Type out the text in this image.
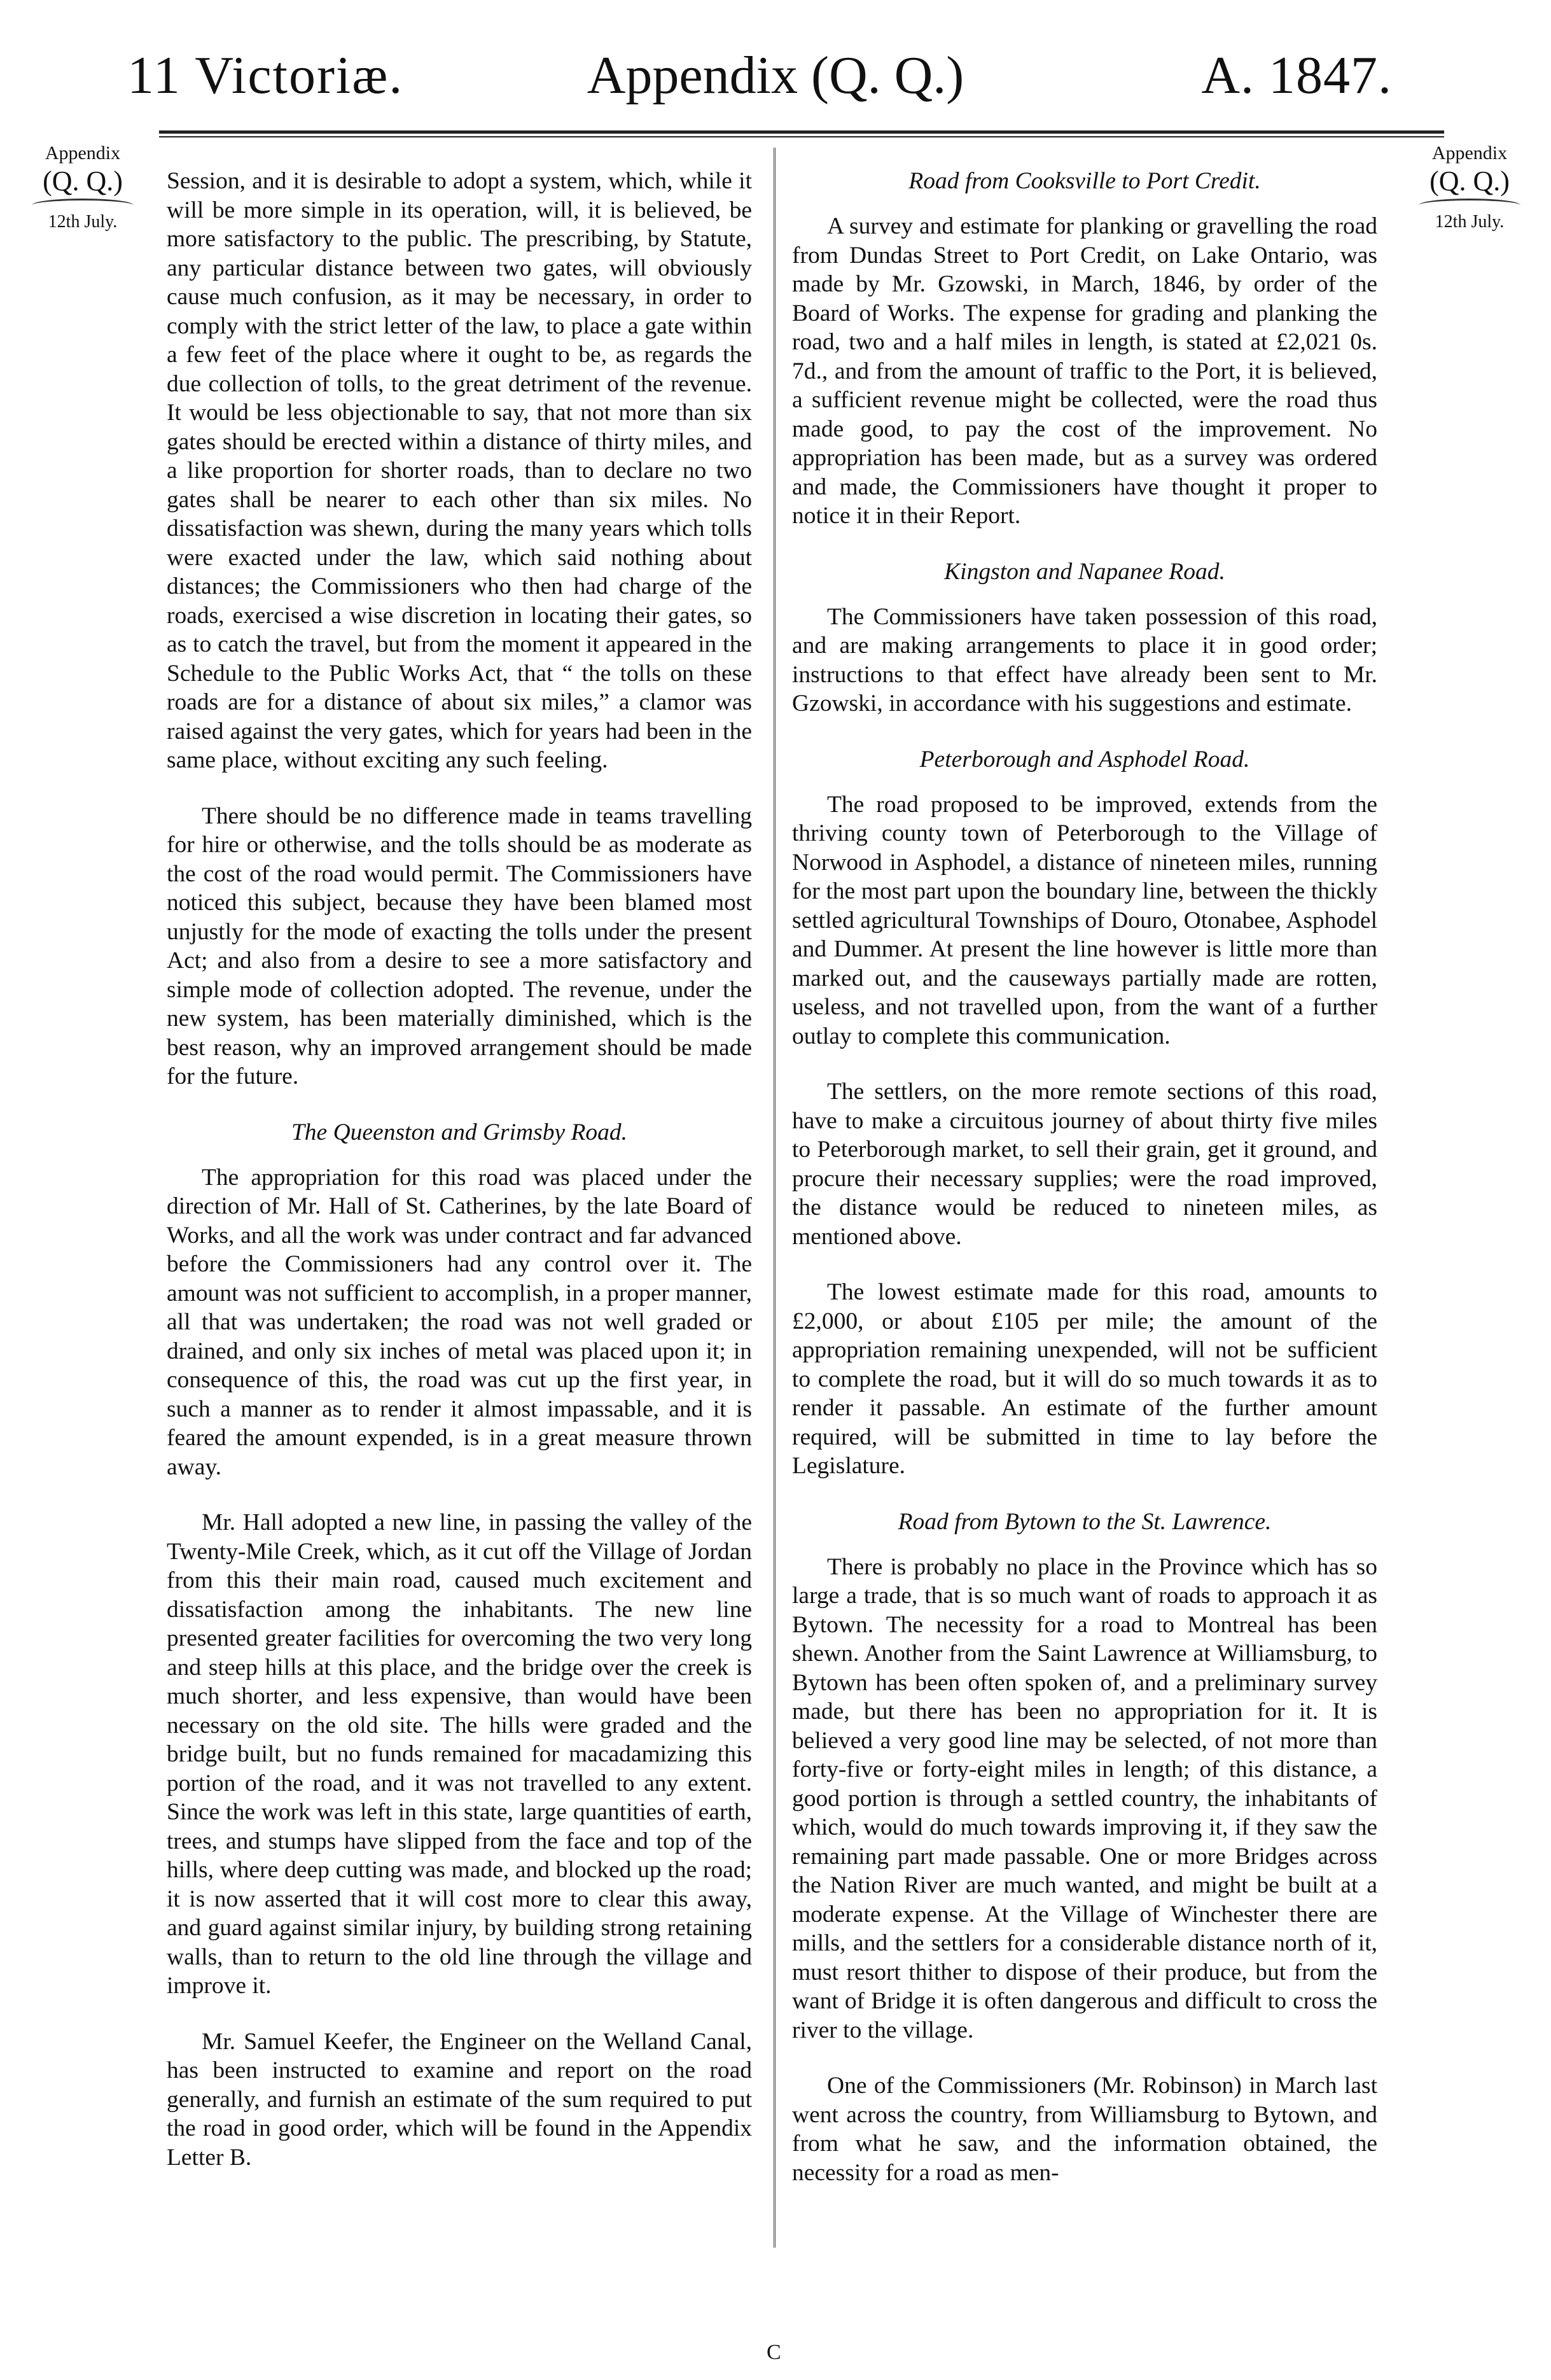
11 Victoriæ.	Appendix (Q. Q.)	A. 1847.
Appendix
(Q. Q.)
12th July.
Appendix
(Q. Q.)
12th July.

Session, and it is desirable to adopt a system, which, while it will be more simple in its operation, will, it is believed, be more satisfactory to the public. The prescribing, by Statute, any particular distance between two gates, will obviously cause much confusion, as it may be necessary, in order to comply with the strict letter of the law, to place a gate within a few feet of the place where it ought to be, as regards the due collection of tolls, to the great detriment of the revenue. It would be less objectionable to say, that not more than six gates should be erected within a distance of thirty miles, and a like proportion for shorter roads, than to declare no two gates shall be nearer to each other than six miles. No dissatisfaction was shewn, during the many years which tolls were exacted under the law, which said nothing about distances; the Commissioners who then had charge of the roads, exercised a wise discretion in locating their gates, so as to catch the travel, but from the moment it appeared in the Schedule to the Public Works Act, that “ the tolls on these roads are for a distance of about six miles,” a clamor was raised against the very gates, which for years had been in the same place, without exciting any such feeling.

There should be no difference made in teams travelling for hire or otherwise, and the tolls should be as moderate as the cost of the road would permit. The Commissioners have noticed this subject, because they have been blamed most unjustly for the mode of exacting the tolls under the present Act; and also from a desire to see a more satisfactory and simple mode of collection adopted. The revenue, under the new system, has been materially diminished, which is the best reason, why an improved arrangement should be made for the future.

The Queenston and Grimsby Road.

The appropriation for this road was placed under the direction of Mr. Hall of St. Catherines, by the late Board of Works, and all the work was under contract and far advanced before the Commissioners had any control over it. The amount was not sufficient to accomplish, in a proper manner, all that was undertaken; the road was not well graded or drained, and only six inches of metal was placed upon it; in consequence of this, the road was cut up the first year, in such a manner as to render it almost impassable, and it is feared the amount expended, is in a great measure thrown away.

Mr. Hall adopted a new line, in passing the valley of the Twenty-Mile Creek, which, as it cut off the Village of Jordan from this their main road, caused much excitement and dissatisfaction among the inhabitants. The new line presented greater facilities for overcoming the two very long and steep hills at this place, and the bridge over the creek is much shorter, and less expensive, than would have been necessary on the old site. The hills were graded and the bridge built, but no funds remained for macadamizing this portion of the road, and it was not travelled to any extent. Since the work was left in this state, large quantities of earth, trees, and stumps have slipped from the face and top of the hills, where deep cutting was made, and blocked up the road; it is now asserted that it will cost more to clear this away, and guard against similar injury, by building strong retaining walls, than to return to the old line through the village and improve it.

Mr. Samuel Keefer, the Engineer on the Welland Canal, has been instructed to examine and report on the road generally, and furnish an estimate of the sum required to put the road in good order, which will be found in the Appendix Letter B.

Road from Cooksville to Port Credit.

A survey and estimate for planking or gravelling the road from Dundas Street to Port Credit, on Lake Ontario, was made by Mr. Gzowski, in March, 1846, by order of the Board of Works. The expense for grading and planking the road, two and a half miles in length, is stated at £2,021 0s. 7d., and from the amount of traffic to the Port, it is believed, a sufficient revenue might be collected, were the road thus made good, to pay the cost of the improvement. No appropriation has been made, but as a survey was ordered and made, the Commissioners have thought it proper to notice it in their Report.

Kingston and Napanee Road.

The Commissioners have taken possession of this road, and are making arrangements to place it in good order; instructions to that effect have already been sent to Mr. Gzowski, in accordance with his suggestions and estimate.

Peterborough and Asphodel Road.

The road proposed to be improved, extends from the thriving county town of Peterborough to the Village of Norwood in Asphodel, a distance of nineteen miles, running for the most part upon the boundary line, between the thickly settled agricultural Townships of Douro, Otonabee, Asphodel and Dummer. At present the line however is little more than marked out, and the causeways partially made are rotten, useless, and not travelled upon, from the want of a further outlay to complete this communication.

The settlers, on the more remote sections of this road, have to make a circuitous journey of about thirty five miles to Peterborough market, to sell their grain, get it ground, and procure their necessary supplies; were the road improved, the distance would be reduced to nineteen miles, as mentioned above.

The lowest estimate made for this road, amounts to £2,000, or about £105 per mile; the amount of the appropriation remaining unexpended, will not be sufficient to complete the road, but it will do so much towards it as to render it passable. An estimate of the further amount required, will be submitted in time to lay before the Legislature.

Road from Bytown to the St. Lawrence.

There is probably no place in the Province which has so large a trade, that is so much want of roads to approach it as Bytown. The necessity for a road to Montreal has been shewn. Another from the Saint Lawrence at Williamsburg, to Bytown has been often spoken of, and a preliminary survey made, but there has been no appropriation for it. It is believed a very good line may be selected, of not more than forty-five or forty-eight miles in length; of this distance, a good portion is through a settled country, the inhabitants of which, would do much towards improving it, if they saw the remaining part made passable. One or more Bridges across the Nation River are much wanted, and might be built at a moderate expense. At the Village of Winchester there are mills, and the settlers for a considerable distance north of it, must resort thither to dispose of their produce, but from the want of Bridge it is often dangerous and difficult to cross the river to the village.

One of the Commissioners (Mr. Robinson) in March last went across the country, from Williamsburg to Bytown, and from what he saw, and the information obtained, the necessity for a road as men-

C
